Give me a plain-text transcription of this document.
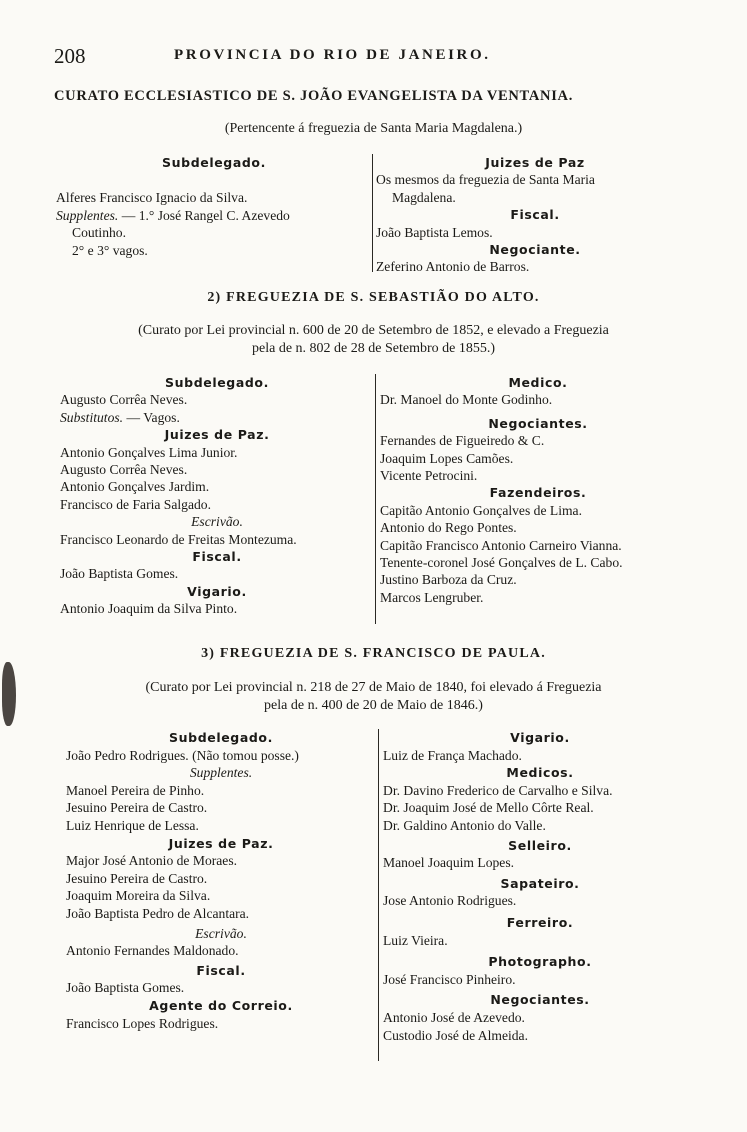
208	PROVINCIA DO RIO DE JANEIRO.
CURATO ECCLESIASTICO DE S. JOÃO EVANGELISTA DA VENTANIA.
(Pertencente á freguezia de Santa Maria Magdalena.)
Subdelegado.
Alferes Francisco Ignacio da Silva.
Supplentes. — 1.° José Rangel C. Azevedo
Coutinho.
2° e 3° vagos.
Juizes de Paz
Os mesmos da freguezia de Santa Maria
Magdalena.
Fiscal.
João Baptista Lemos.
Negociante.
Zeferino Antonio de Barros.
2) FREGUEZIA DE S. SEBASTIÃO DO ALTO.
(Curato por Lei provincial n. 600 de 20 de Setembro de 1852, e elevado a Freguezia
pela de n. 802 de 28 de Setembro de 1855.)
Subdelegado.
Augusto Corrêa Neves.
Substitutos. — Vagos.
Juizes de Paz.
Antonio Gonçalves Lima Junior.
Augusto Corrêa Neves.
Antonio Gonçalves Jardim.
Francisco de Faria Salgado.
Escrivão.
Francisco Leonardo de Freitas Montezuma.
Fiscal.
João Baptista Gomes.
Vigario.
Antonio Joaquim da Silva Pinto.
Medico.
Dr. Manoel do Monte Godinho.
Negociantes.
Fernandes de Figueiredo & C.
Joaquim Lopes Camões.
Vicente Petrocini.
Fazendeiros.
Capitão Antonio Gonçalves de Lima.
Antonio do Rego Pontes.
Capitão Francisco Antonio Carneiro Vianna.
Tenente-coronel José Gonçalves de L. Cabo.
Justino Barboza da Cruz.
Marcos Lengruber.
3) FREGUEZIA DE S. FRANCISCO DE PAULA.
(Curato por Lei provincial n. 218 de 27 de Maio de 1840, foi elevado á Freguezia
pela de n. 400 de 20 de Maio de 1846.)
Subdelegado.
João Pedro Rodrigues. (Não tomou posse.)
Supplentes.
Manoel Pereira de Pinho.
Jesuino Pereira de Castro.
Luiz Henrique de Lessa.
Juizes de Paz.
Major José Antonio de Moraes.
Jesuino Pereira de Castro.
Joaquim Moreira da Silva.
João Baptista Pedro de Alcantara.
Escrivão.
Antonio Fernandes Maldonado.
Fiscal.
João Baptista Gomes.
Agente do Correio.
Francisco Lopes Rodrigues.
Vigario.
Luiz de França Machado.
Medicos.
Dr. Davino Frederico de Carvalho e Silva.
Dr. Joaquim José de Mello Côrte Real.
Dr. Galdino Antonio do Valle.
Selleiro.
Manoel Joaquim Lopes.
Sapateiro.
Jose Antonio Rodrigues.
Ferreiro.
Luiz Vieira.
Photographo.
José Francisco Pinheiro.
Negociantes.
Antonio José de Azevedo.
Custodio José de Almeida.
